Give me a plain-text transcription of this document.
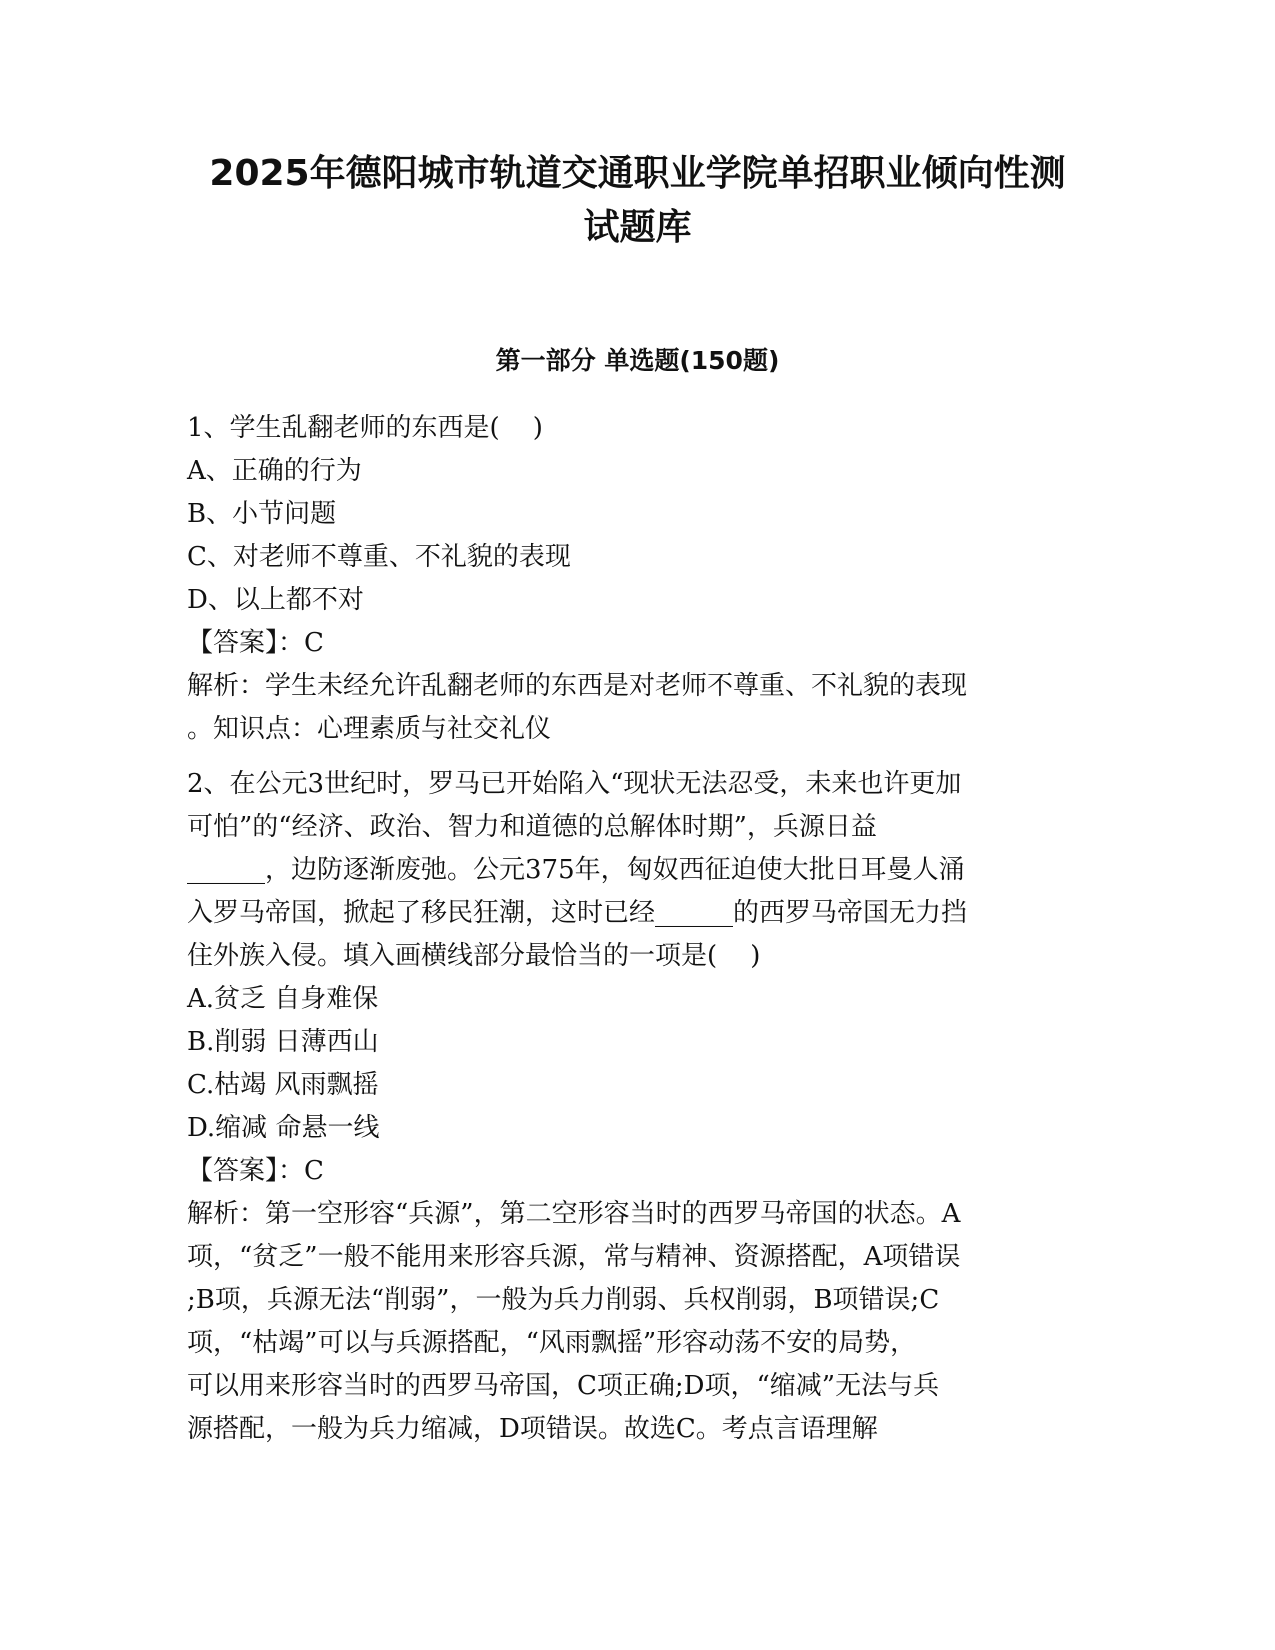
2025年德阳城市轨道交通职业学院单招职业倾向性测
试题库
第一部分 单选题(150题)
1、学生乱翻老师的东西是(    )
A、正确的行为
B、小节问题
C、对老师不尊重、不礼貌的表现
D、以上都不对
【答案】：C
解析：学生未经允许乱翻老师的东西是对老师不尊重、不礼貌的表现
。知识点：心理素质与社交礼仪
2、在公元3世纪时，罗马已开始陷入“现状无法忍受，未来也许更加
可怕”的“经济、政治、智力和道德的总解体时期”，兵源日益
______，边防逐渐废弛。公元375年，匈奴西征迫使大批日耳曼人涌
入罗马帝国，掀起了移民狂潮，这时已经______的西罗马帝国无力挡
住外族入侵。填入画横线部分最恰当的一项是(    )
A.贫乏 自身难保
B.削弱 日薄西山
C.枯竭 风雨飘摇
D.缩减 命悬一线
【答案】：C
解析：第一空形容“兵源”，第二空形容当时的西罗马帝国的状态。A
项，“贫乏”一般不能用来形容兵源，常与精神、资源搭配，A项错误
;B项，兵源无法“削弱”，一般为兵力削弱、兵权削弱，B项错误;C
项，“枯竭”可以与兵源搭配，“风雨飘摇”形容动荡不安的局势，
可以用来形容当时的西罗马帝国，C项正确;D项，“缩减”无法与兵
源搭配，一般为兵力缩减，D项错误。故选C。考点言语理解
